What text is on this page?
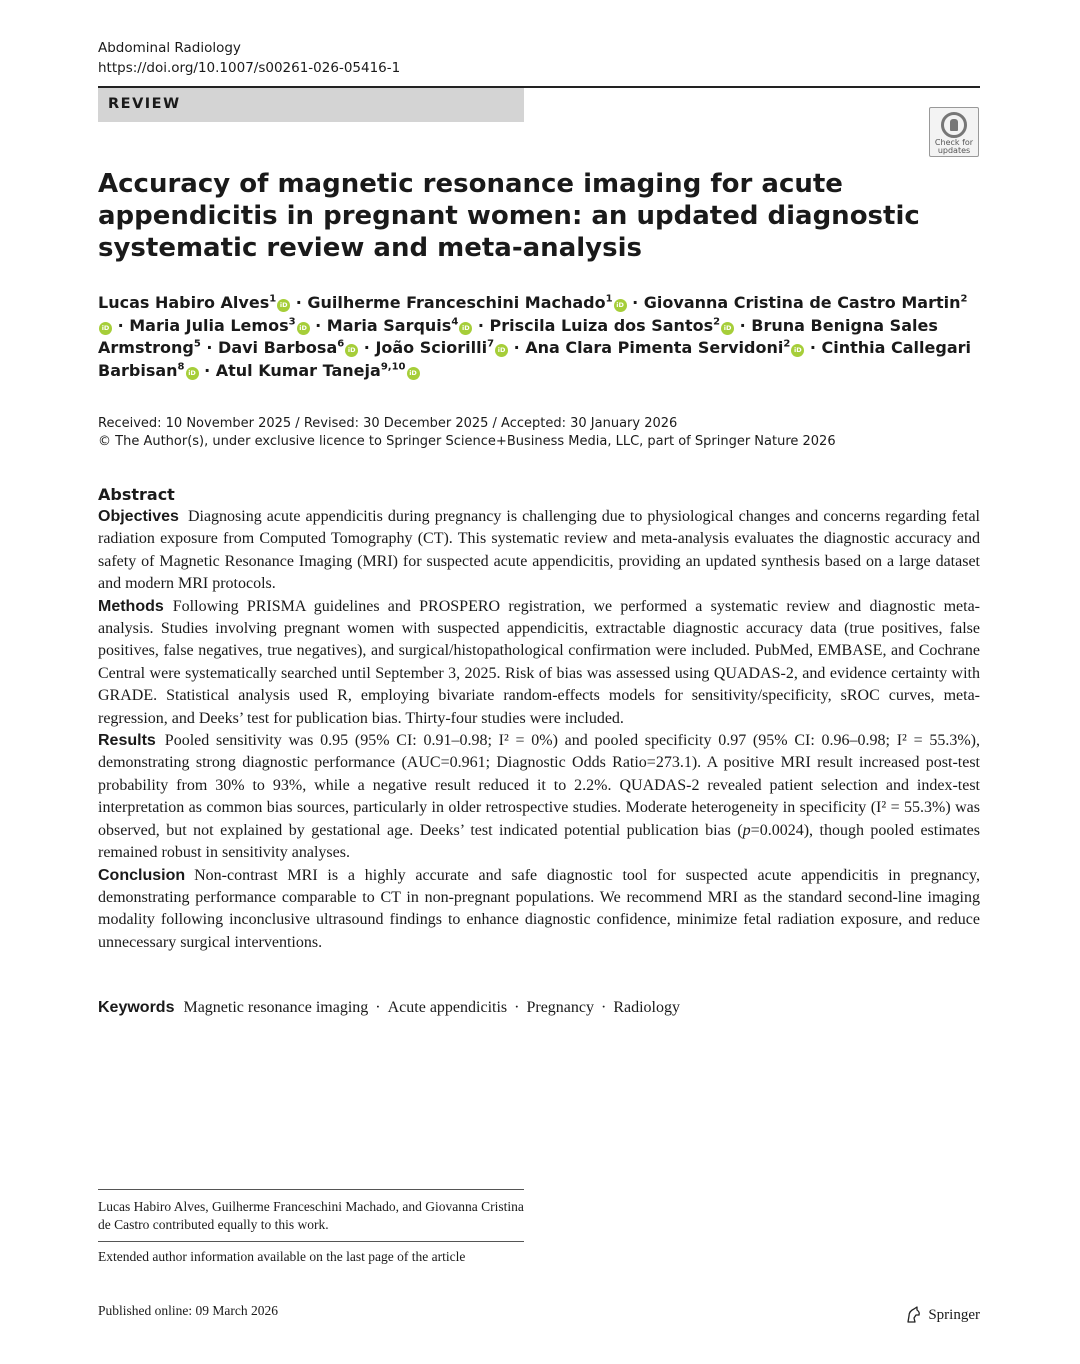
Abdominal Radiology
https://doi.org/10.1007/s00261-026-05416-1
REVIEW
Check for
updates
Accuracy of magnetic resonance imaging for acute appendicitis in pregnant women: an updated diagnostic systematic review and meta-analysis
Lucas Habiro Alves$^1$iD · Guilherme Franceschini Machado$^1$iD · Giovanna Cristina de Castro Martin$^2$iD · Maria Julia Lemos$^3$iD · Maria Sarquis$^4$iD · Priscila Luiza dos Santos$^2$iD · Bruna Benigna Sales Armstrong$^5$ · Davi Barbosa$^6$iD · João Sciorilli$^7$iD · Ana Clara Pimenta Servidoni$^2$iD · Cinthia Callegari Barbisan$^8$iD · Atul Kumar Taneja$^{9,10}$iD
Received: 10 November 2025 / Revised: 30 December 2025 / Accepted: 30 January 2026
© The Author(s), under exclusive licence to Springer Science+Business Media, LLC, part of Springer Nature 2026

Abstract

Objectives Diagnosing acute appendicitis during pregnancy is challenging due to physiological changes and concerns regarding fetal radiation exposure from Computed Tomography (CT). This systematic review and meta-analysis evaluates the diagnostic accuracy and safety of Magnetic Resonance Imaging (MRI) for suspected acute appendicitis, providing an updated synthesis based on a large dataset and modern MRI protocols.

Methods Following PRISMA guidelines and PROSPERO registration, we performed a systematic review and diagnostic meta-analysis. Studies involving pregnant women with suspected appendicitis, extractable diagnostic accuracy data (true positives, false positives, false negatives, true negatives), and surgical/histopathological confirmation were included. PubMed, EMBASE, and Cochrane Central were systematically searched until September 3, 2025. Risk of bias was assessed using QUADAS-2, and evidence certainty with GRADE. Statistical analysis used R, employing bivariate random-effects models for sensitivity/specificity, sROC curves, meta-regression, and Deeks’ test for publication bias. Thirty-four studies were included.

Results Pooled sensitivity was 0.95 (95% CI: 0.91–0.98; I² = 0%) and pooled specificity 0.97 (95% CI: 0.96–0.98; I² = 55.3%), demonstrating strong diagnostic performance (AUC=0.961; Diagnostic Odds Ratio=273.1). A positive MRI result increased post-test probability from 30% to 93%, while a negative result reduced it to 2.2%. QUADAS-2 revealed patient selection and index-test interpretation as common bias sources, particularly in older retrospective studies. Moderate heterogeneity in specificity (I² = 55.3%) was observed, but not explained by gestational age. Deeks’ test indicated potential publication bias (p=0.0024), though pooled estimates remained robust in sensitivity analyses.

Conclusion Non-contrast MRI is a highly accurate and safe diagnostic tool for suspected acute appendicitis in pregnancy, demonstrating performance comparable to CT in non-pregnant populations. We recommend MRI as the standard second-line imaging modality following inconclusive ultrasound findings to enhance diagnostic confidence, minimize fetal radiation exposure, and reduce unnecessary surgical interventions.

Keywords Magnetic resonance imaging · Acute appendicitis · Pregnancy · Radiology

Lucas Habiro Alves, Guilherme Franceschini Machado, and Giovanna Cristina de Castro contributed equally to this work.

Extended author information available on the last page of the article
Published online: 09 March 2026	Springer
